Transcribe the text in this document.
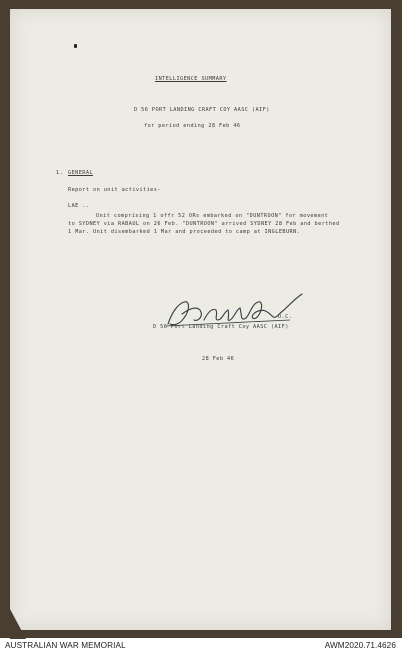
INTELLIGENCE SUMMARY
D 56 PORT LANDING CRAFT COY AASC (AIF)
for period ending 28 Feb 46
1. GENERAL
Report on unit activities-
LAE ..
Unit comprising 1 offr 52 ORs embarked on "DUNTROON" for movement
to SYDNEY via RABAUL on 26 Feb. "DUNTROON" arrived SYDNEY 28 Feb and berthed
1 Mar. Unit disembarked 1 Mar and proceeded to camp at INGLEBURN.
O.C.
D 56 Port Landing Craft Coy AASC (AIF)
28 Feb 46
AUSTRALIAN WAR MEMORIAL	AWM2020.71.4626
